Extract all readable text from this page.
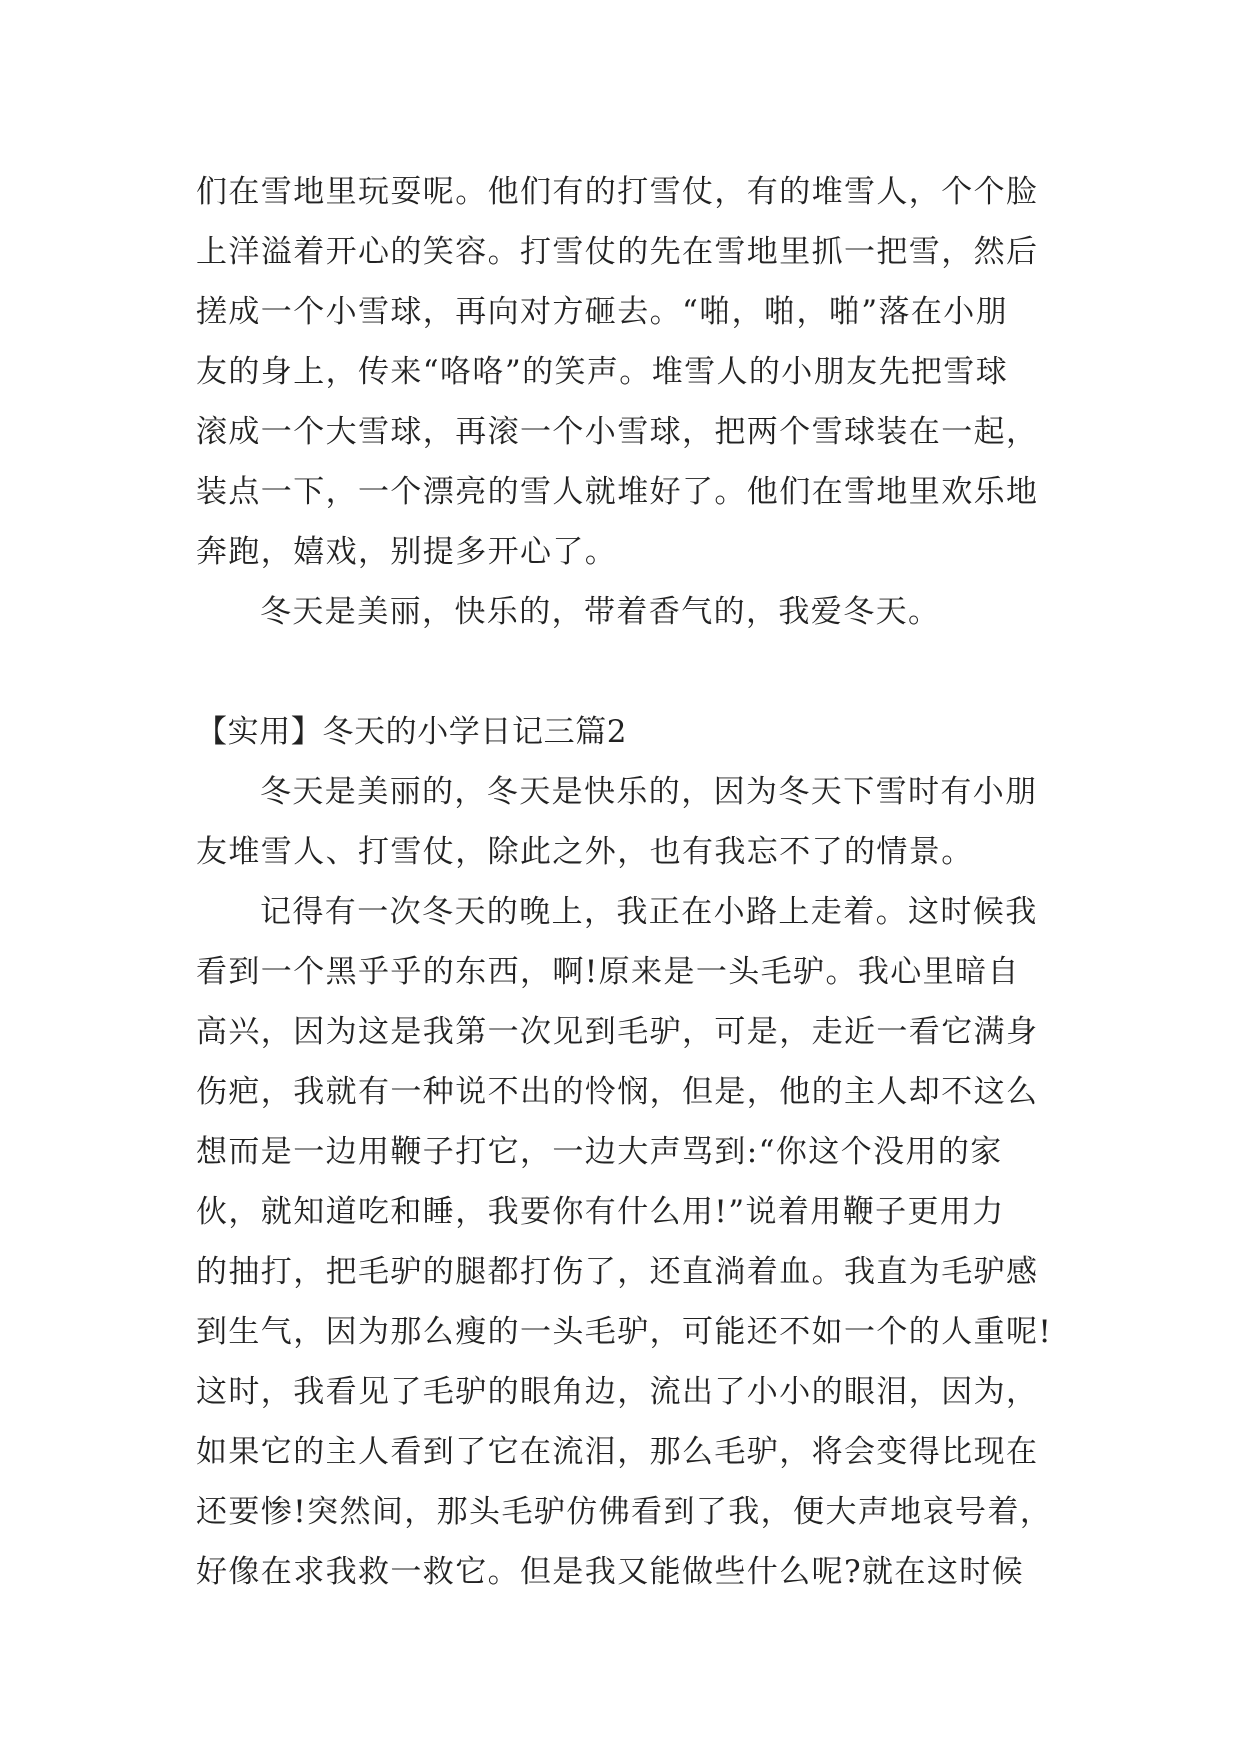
们在雪地里玩耍呢。他们有的打雪仗，有的堆雪人，个个脸
上洋溢着开心的笑容。打雪仗的先在雪地里抓一把雪，然后
搓成一个小雪球，再向对方砸去。“啪，啪，啪”落在小朋
友的身上，传来“咯咯”的笑声。堆雪人的小朋友先把雪球
滚成一个大雪球，再滚一个小雪球，把两个雪球装在一起，
装点一下，一个漂亮的雪人就堆好了。他们在雪地里欢乐地
奔跑，嬉戏，别提多开心了。
冬天是美丽，快乐的，带着香气的，我爱冬天。
【实用】冬天的小学日记三篇2
冬天是美丽的，冬天是快乐的，因为冬天下雪时有小朋
友堆雪人、打雪仗，除此之外，也有我忘不了的情景。
记得有一次冬天的晚上，我正在小路上走着。这时候我
看到一个黑乎乎的东西，啊!原来是一头毛驴。我心里暗自
高兴，因为这是我第一次见到毛驴，可是，走近一看它满身
伤疤，我就有一种说不出的怜悯，但是，他的主人却不这么
想而是一边用鞭子打它，一边大声骂到:“你这个没用的家
伙，就知道吃和睡，我要你有什么用!”说着用鞭子更用力
的抽打，把毛驴的腿都打伤了，还直淌着血。我直为毛驴感
到生气，因为那么瘦的一头毛驴，可能还不如一个的人重呢!
这时，我看见了毛驴的眼角边，流出了小小的眼泪，因为，
如果它的主人看到了它在流泪，那么毛驴，将会变得比现在
还要惨!突然间，那头毛驴仿佛看到了我，便大声地哀号着，
好像在求我救一救它。但是我又能做些什么呢?就在这时候
